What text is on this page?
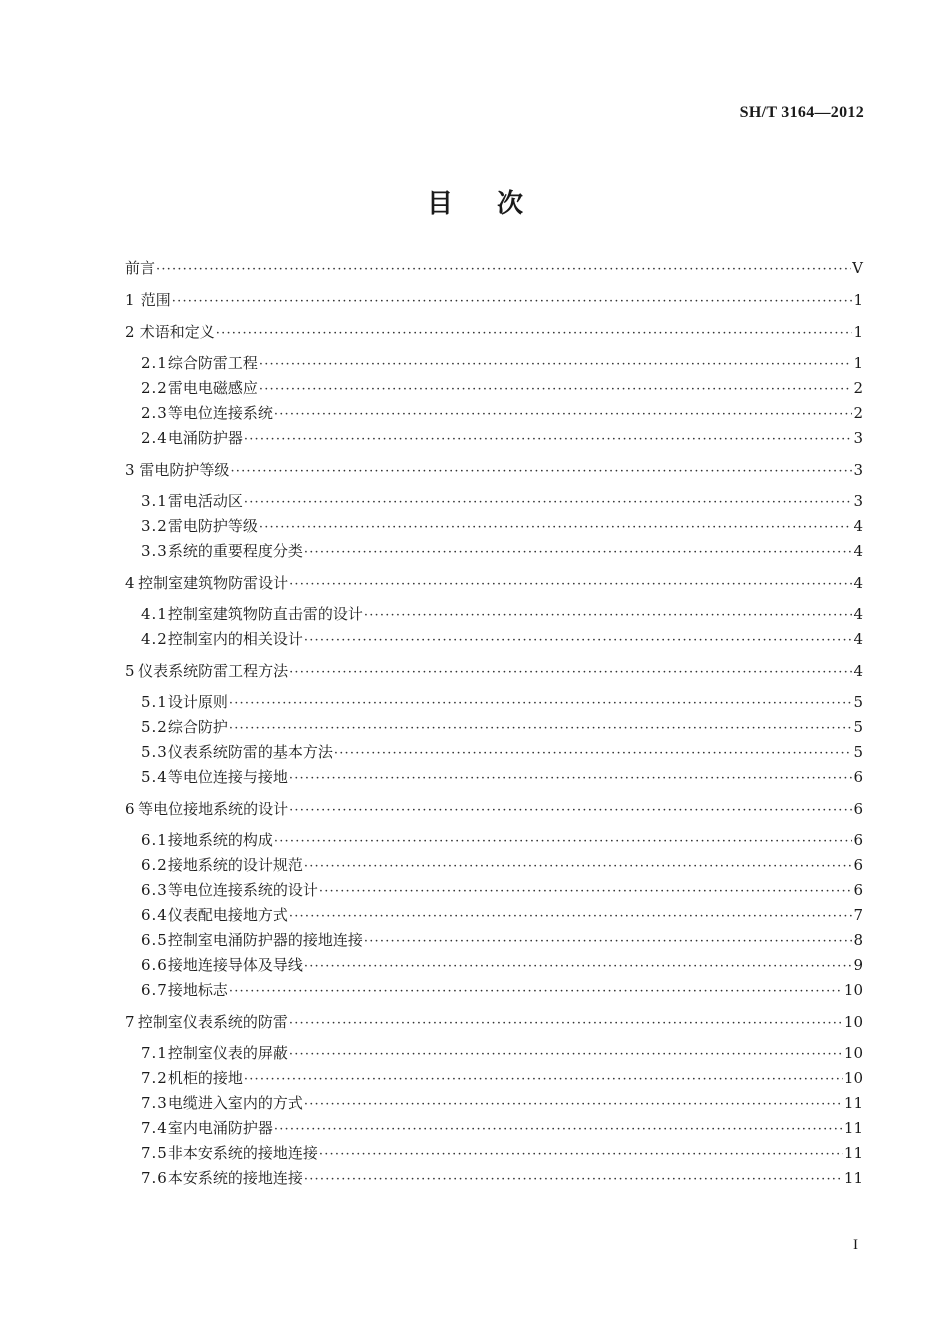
SH/T 3164—2012
目 次
前言 ·····	V
1 范围 ·····	1
2 术语和定义 ·····	1
2.1 综合防雷工程 ·····	1
2.2 雷电电磁感应 ·····	2
2.3 等电位连接系统 ·····	2
2.4 电涌防护器 ·····	3
3 雷电防护等级 ·····	3
3.1 雷电活动区 ·····	3
3.2 雷电防护等级 ·····	4
3.3 系统的重要程度分类 ·····	4
4 控制室建筑物防雷设计 ·····	4
4.1 控制室建筑物防直击雷的设计 ·····	4
4.2 控制室内的相关设计 ·····	4
5 仪表系统防雷工程方法 ·····	4
5.1 设计原则 ·····	5
5.2 综合防护 ·····	5
5.3 仪表系统防雷的基本方法 ·····	5
5.4 等电位连接与接地 ·····	6
6 等电位接地系统的设计 ·····	6
6.1 接地系统的构成 ·····	6
6.2 接地系统的设计规范 ·····	6
6.3 等电位连接系统的设计 ·····	6
6.4 仪表配电接地方式 ·····	7
6.5 控制室电涌防护器的接地连接 ·····	8
6.6 接地连接导体及导线 ·····	9
6.7 接地标志 ·····	10
7 控制室仪表系统的防雷 ·····	10
7.1 控制室仪表的屏蔽 ·····	10
7.2 机柜的接地 ·····	10
7.3 电缆进入室内的方式 ·····	11
7.4 室内电涌防护器 ·····	11
7.5 非本安系统的接地连接 ·····	11
7.6 本安系统的接地连接 ·····	11
I
